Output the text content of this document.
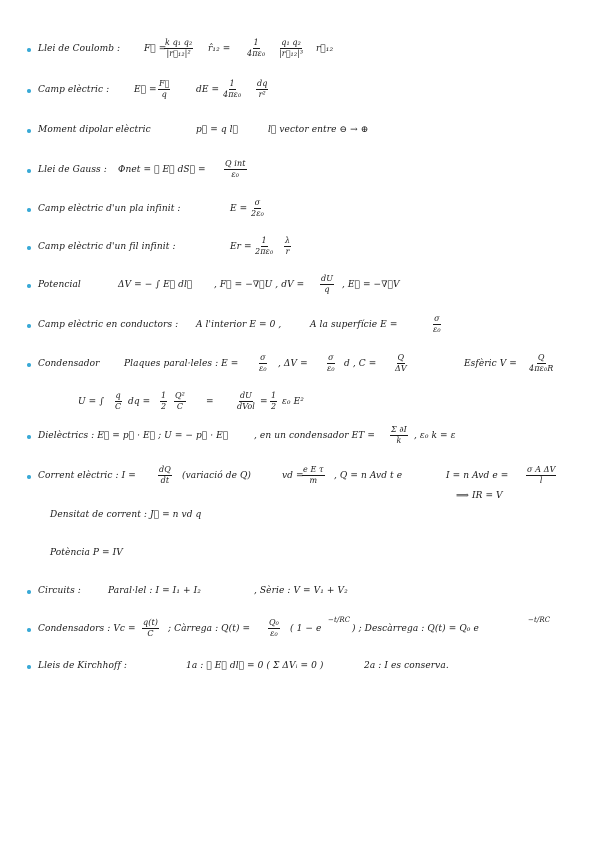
Llei de Coulomb :	F⃗ =
$\frac{\text{k q₁ q₂}}{\text{|r⃗₁₂|²}}$ r̂₁₂ = $\frac{1}{\text{4πε₀}} \frac{\text{q₁ q₂}}{\text{|r⃗₁₂|³}}$ r⃗₁₂
Camp elèctric :	E⃗ = $\frac{F⃗}{q}$	dE = $\frac{1}{\text{4πε₀}} \frac{dq}{\text{r²}}$
Moment dipolar elèctric	p⃗ = q l⃗	l⃗ vector entre ⊖ → ⊕
Llei de Gauss : Φnet = ∮ E⃗ dS⃗ =
Q int
ε₀
Camp elèctric d'un pla infinit :	$E = \frac{\sigma}{\text{2ε₀}}$
Camp elèctric d'un fil infinit :	$Er = \frac{1}{\text{2πε₀}} \frac{\lambda}{r}$
Potencial	ΔV = − ∫ E⃗ dl⃗ , F⃗ = −∇⃗U , dV = $\frac{dU}{q}$ , E⃗ = −∇⃗V
Camp elèctric en conductors : A l'interior E = 0 ,	A la superfície E =	$\frac{\sigma}{\text{ε₀}}$
Condensador	Plaques paral·leles : $E = \frac{\sigma}{\text{ε₀}}$ , $\Delta V = \frac{\sigma}{\text{ε₀}}$ d , $C = \frac{Q}{\Delta V}$	Esfèric $V = \frac{Q}{\text{4πε₀R}}$
U = ∫ $\frac{q}{C}$ dq = $\frac{1}{2} \frac{\text{Q²}}{C}$ =
dU
dVol = $\frac{1}{2} \varepsilon_0$ E²
Dielèctrics : E⃗ = p⃗ · E⃗ ; U = − p⃗ · E⃗	, en un condensador ET = $\frac{\Sigma \partial I}{k}$ , ε₀ k = ε
Corrent elèctric : I =	$\frac{dQ}{dt}$ (variació de Q)	vd =
$\frac{\text{e E τ}}{m}$ , Q = n Avd t e	I = n Avd $e = \frac{\text{σ A ΔV}}{l}$
⟹ IR = V
Densitat de corrent : J⃗ = n vd q
Potència P = IV
Circuits :	Paral·lel : I = I₁ + I₂	, Sèrie : V = V₁ + V₂
Condensadors : $Vc = \frac{q(t)}{C}$ ; Càrrega : $Q(t) = \frac{\text{Q₀}}{\text{ε₀}}$ ( 1 − e
−t/RC
) ; Descàrrega : Q(t) = Q₀ e
−t/RC
Lleis de Kirchhoff :	1a : ∮ E⃗ dl⃗ = 0 ( Σ ΔVᵢ = 0 )	2a : I es conserva.
